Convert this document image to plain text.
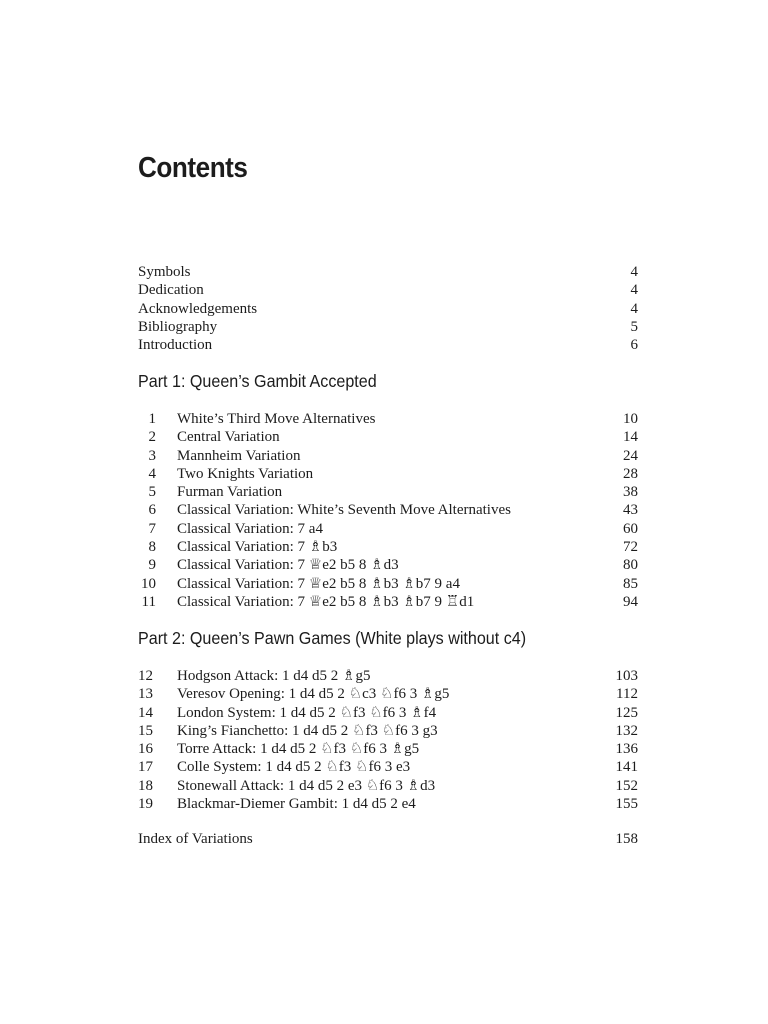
Contents
Symbols	4
Dedication	4
Acknowledgements	4
Bibliography	5
Introduction	6
Part 1: Queen’s Gambit Accepted
1 White’s Third Move Alternatives	10
2 Central Variation	14
3 Mannheim Variation	24
4 Two Knights Variation	28
5 Furman Variation	38
6 Classical Variation: White’s Seventh Move Alternatives	43
7 Classical Variation: 7 a4	60
8 Classical Variation: 7 ♗b3	72
9 Classical Variation: 7 ♕e2 b5 8 ♗d3	80
10 Classical Variation: 7 ♕e2 b5 8 ♗b3 ♗b7 9 a4	85
11 Classical Variation: 7 ♕e2 b5 8 ♗b3 ♗b7 9 ♖d1	94
Part 2: Queen’s Pawn Games (White plays without c4)
12	Hodgson Attack: 1 d4 d5 2 ♗g5	103
13	Veresov Opening: 1 d4 d5 2 ♘c3 ♘f6 3 ♗g5	112
14	London System: 1 d4 d5 2 ♘f3 ♘f6 3 ♗f4	125
15	King’s Fianchetto: 1 d4 d5 2 ♘f3 ♘f6 3 g3	132
16	Torre Attack: 1 d4 d5 2 ♘f3 ♘f6 3 ♗g5	136
17	Colle System: 1 d4 d5 2 ♘f3 ♘f6 3 e3	141
18	Stonewall Attack: 1 d4 d5 2 e3 ♘f6 3 ♗d3	152
19	Blackmar-Diemer Gambit: 1 d4 d5 2 e4	155
Index of Variations	158
